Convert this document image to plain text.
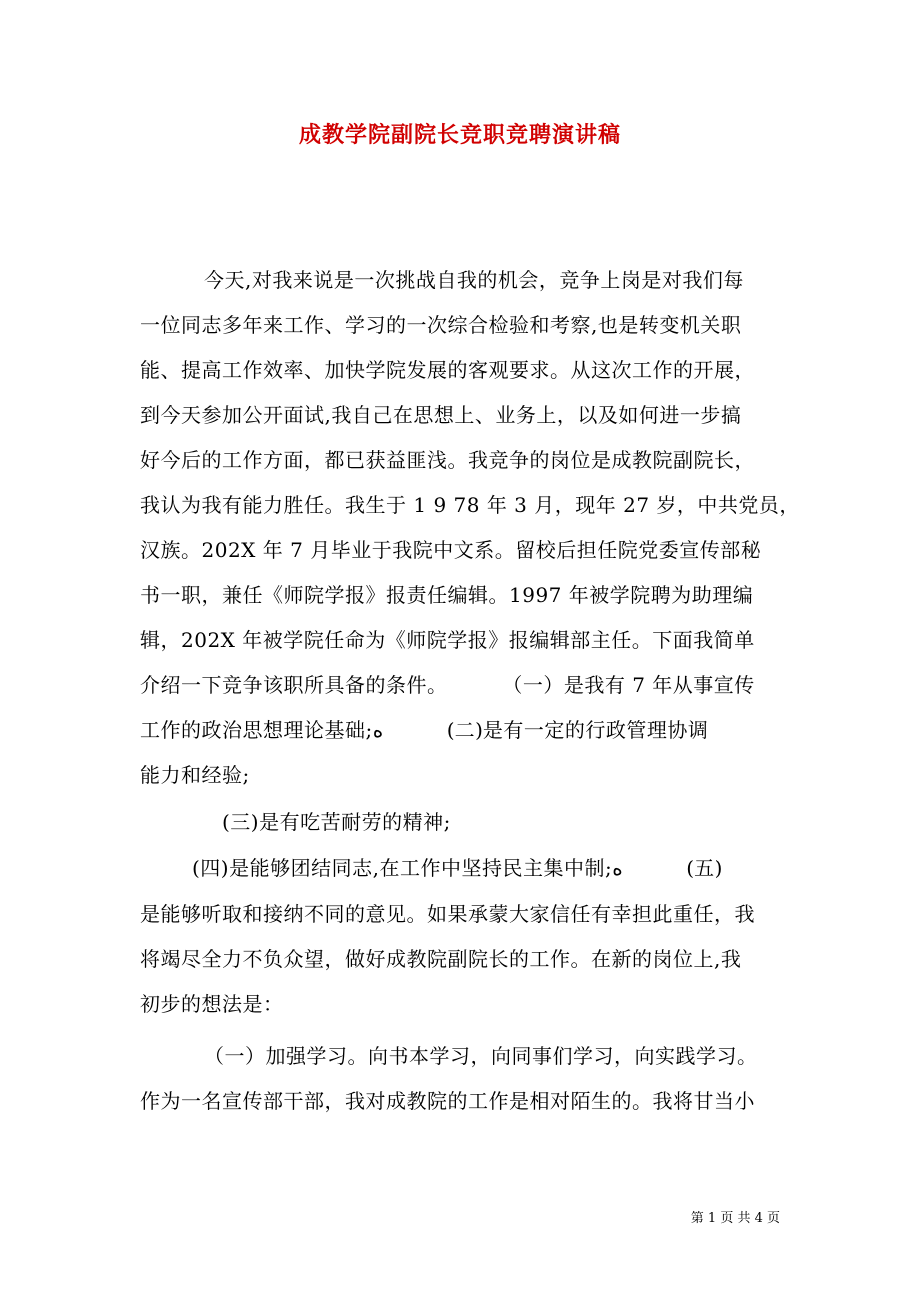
成教学院副院长竞职竞聘演讲稿
今天,对我来说是一次挑战自我的机会，竞争上岗是对我们每
一位同志多年来工作、学习的一次综合检验和考察,也是转变机关职
能、提高工作效率、加快学院发展的客观要求。从这次工作的开展，
到今天参加公开面试,我自己在思想上、业务上，以及如何进一步搞
好今后的工作方面，都已获益匪浅。我竞争的岗位是成教院副院长，
我认为我有能力胜任。我生于 1 9 78 年 3 月，现年 27 岁，中共党员，
汉族。202X 年 7 月毕业于我院中文系。留校后担任院党委宣传部秘
书一职，兼任《师院学报》报责任编辑。1997 年被学院聘为助理编
辑，202X 年被学院任命为《师院学报》报编辑部主任。下面我简单
介绍一下竞争该职所具备的条件。        （一）是我有 7 年从事宣传
工作的政治思想理论基础;ﻩ          (二)是有一定的行政管理协调
能力和经验;
(三)是有吃苦耐劳的精神;
(四)是能够团结同志,在工作中坚持民主集中制;ﻩ          (五)
是能够听取和接纳不同的意见。如果承蒙大家信任有幸担此重任，我
将竭尽全力不负众望，做好成教院副院长的工作。在新的岗位上,我
初步的想法是：
（一）加强学习。向书本学习，向同事们学习，向实践学习。
作为一名宣传部干部，我对成教院的工作是相对陌生的。我将甘当小
第 1 页 共 4 页
